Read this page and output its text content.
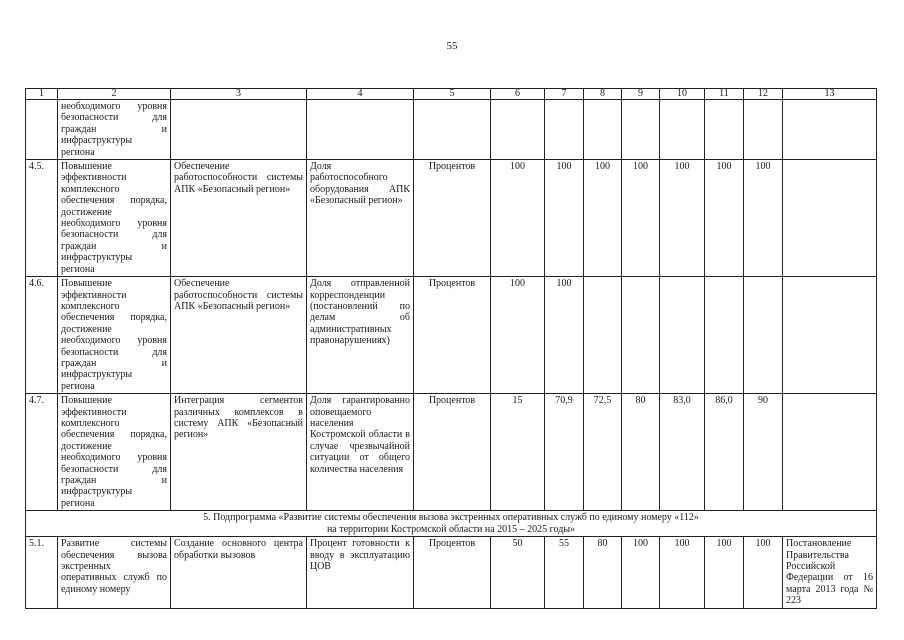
55
1	2	3	4	5	6	7	8	9	10	11	12	13
	необходимого уровня безопасности для граждан и инфраструктуры региона											
4.5.	Повышение эффективности комплексного обеспечения порядка, достижение необходимого уровня безопасности для граждан и инфраструктуры региона	Обеспечение работоспособности системы АПК «Безопасный регион»	Доля работоспособного оборудования АПК «Безопасный регион»	Процентов	100	100	100	100	100	100	100	
4.6.	Повышение эффективности комплексного обеспечения порядка, достижение необходимого уровня безопасности для граждан и инфраструктуры региона	Обеспечение работоспособности системы АПК «Безопасный регион»	Доля отправленной корреспонденции (постановлений по делам об административных правонарушениях)	Процентов	100	100						
4.7.	Повышение эффективности комплексного обеспечения порядка, достижение необходимого уровня безопасности для граждан и инфраструктуры региона	Интеграция сегментов различных комплексов в систему АПК «Безопасный регион»	Доля гарантированно оповещаемого населения Костромской области в случае чрезвычайной ситуации от общего количества населения	Процентов	15	70,9	72,5	80	83,0	86,0	90	

5. Подпрограмма «Развитие системы обеспечения вызова экстренных оперативных служб по единому номеру «112»
на территории Костромской области на 2015 – 2025 годы»												

5.1.	Развитие системы обеспечения вызова экстренных оперативных служб по единому номеру	Создание основного центра обработки вызовов	Процент готовности к вводу в эксплуатацию ЦОВ	Процентов	50	55	80	100	100	100	100	Постановление Правительства Российской Федерации от 16 марта 2013 года № 223
